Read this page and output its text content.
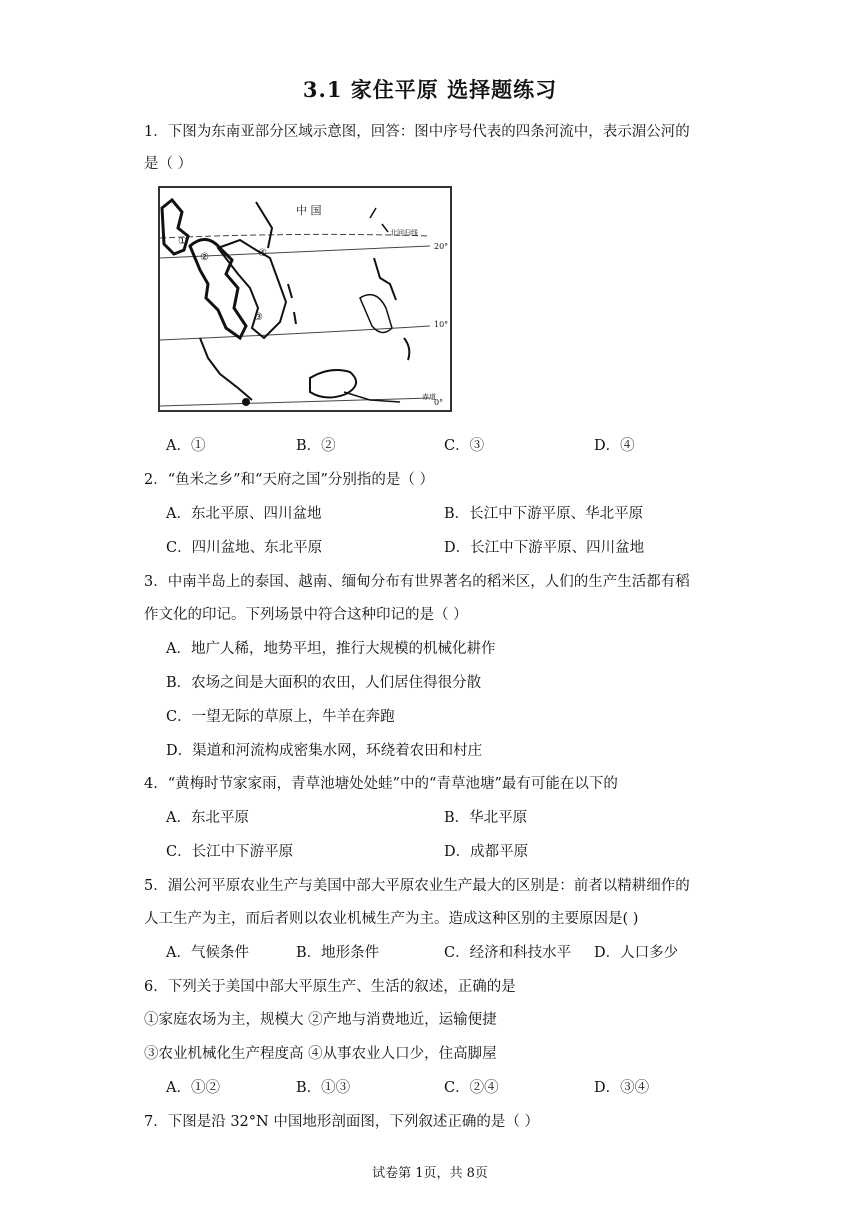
3.1 家住平原 选择题练习
1．下图为东南亚部分区域示意图，回答：图中序号代表的四条河流中，表示湄公河的
是（ ）
中 国
北回归线
20°
10°
赤道
0°
①
②
③
④
A．①	B．②	C．③	D．④
2．“鱼米之乡”和“天府之国”分别指的是（ ）
A．东北平原、四川盆地	B．长江中下游平原、华北平原
C．四川盆地、东北平原	D．长江中下游平原、四川盆地
3．中南半岛上的泰国、越南、缅甸分布有世界著名的稻米区，人们的生产生活都有稻
作文化的印记。下列场景中符合这种印记的是（ ）
A．地广人稀，地势平坦，推行大规模的机械化耕作
B．农场之间是大面积的农田，人们居住得很分散
C．一望无际的草原上，牛羊在奔跑
D．渠道和河流构成密集水网，环绕着农田和村庄
4．“黄梅时节家家雨，青草池塘处处蛙”中的“青草池塘”最有可能在以下的
A．东北平原	B．华北平原
C．长江中下游平原	D．成都平原
5．湄公河平原农业生产与美国中部大平原农业生产最大的区别是：前者以精耕细作的
人工生产为主，而后者则以农业机械生产为主。造成这种区别的主要原因是( )
A．气候条件	B．地形条件	C．经济和科技水平 D．人口多少
6．下列关于美国中部大平原生产、生活的叙述，正确的是
①家庭农场为主，规模大 ②产地与消费地近，运输便捷
③农业机械化生产程度高 ④从事农业人口少，住高脚屋
A．①②	B．①③	C．②④	D．③④
7．下图是沿 32°N 中国地形剖面图，下列叙述正确的是（ ）
试卷第 1页，共 8页
